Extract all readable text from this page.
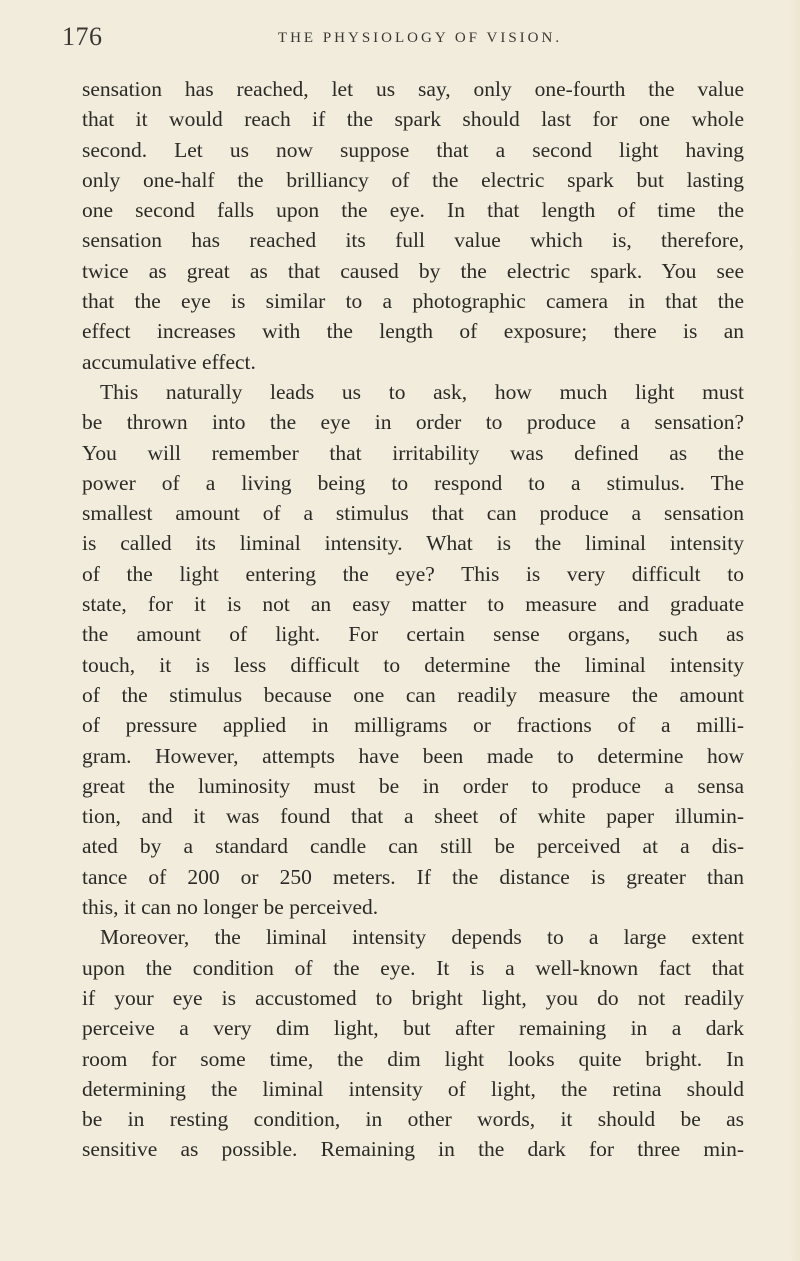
176	THE PHYSIOLOGY OF VISION.
sensation has reached, let us say, only one-fourth the value
that it would reach if the spark should last for one whole
second. Let us now suppose that a second light having
only one-half the brilliancy of the electric spark but lasting
one second falls upon the eye. In that length of time the
sensation has reached its full value which is, therefore,
twice as great as that caused by the electric spark. You see
that the eye is similar to a photographic camera in that the
effect increases with the length of exposure; there is an
accumulative effect.
This naturally leads us to ask, how much light must
be thrown into the eye in order to produce a sensation?
You will remember that irritability was defined as the
power of a living being to respond to a stimulus. The
smallest amount of a stimulus that can produce a sensation
is called its liminal intensity. What is the liminal intensity
of the light entering the eye? This is very difficult to
state, for it is not an easy matter to measure and graduate
the amount of light. For certain sense organs, such as
touch, it is less difficult to determine the liminal intensity
of the stimulus because one can readily measure the amount
of pressure applied in milligrams or fractions of a milli-
gram. However, attempts have been made to determine how
great the luminosity must be in order to produce a sensa
tion, and it was found that a sheet of white paper illumin-
ated by a standard candle can still be perceived at a dis-
tance of 200 or 250 meters. If the distance is greater than
this, it can no longer be perceived.
Moreover, the liminal intensity depends to a large extent
upon the condition of the eye. It is a well-known fact that
if your eye is accustomed to bright light, you do not readily
perceive a very dim light, but after remaining in a dark
room for some time, the dim light looks quite bright. In
determining the liminal intensity of light, the retina should
be in resting condition, in other words, it should be as
sensitive as possible. Remaining in the dark for three min-
